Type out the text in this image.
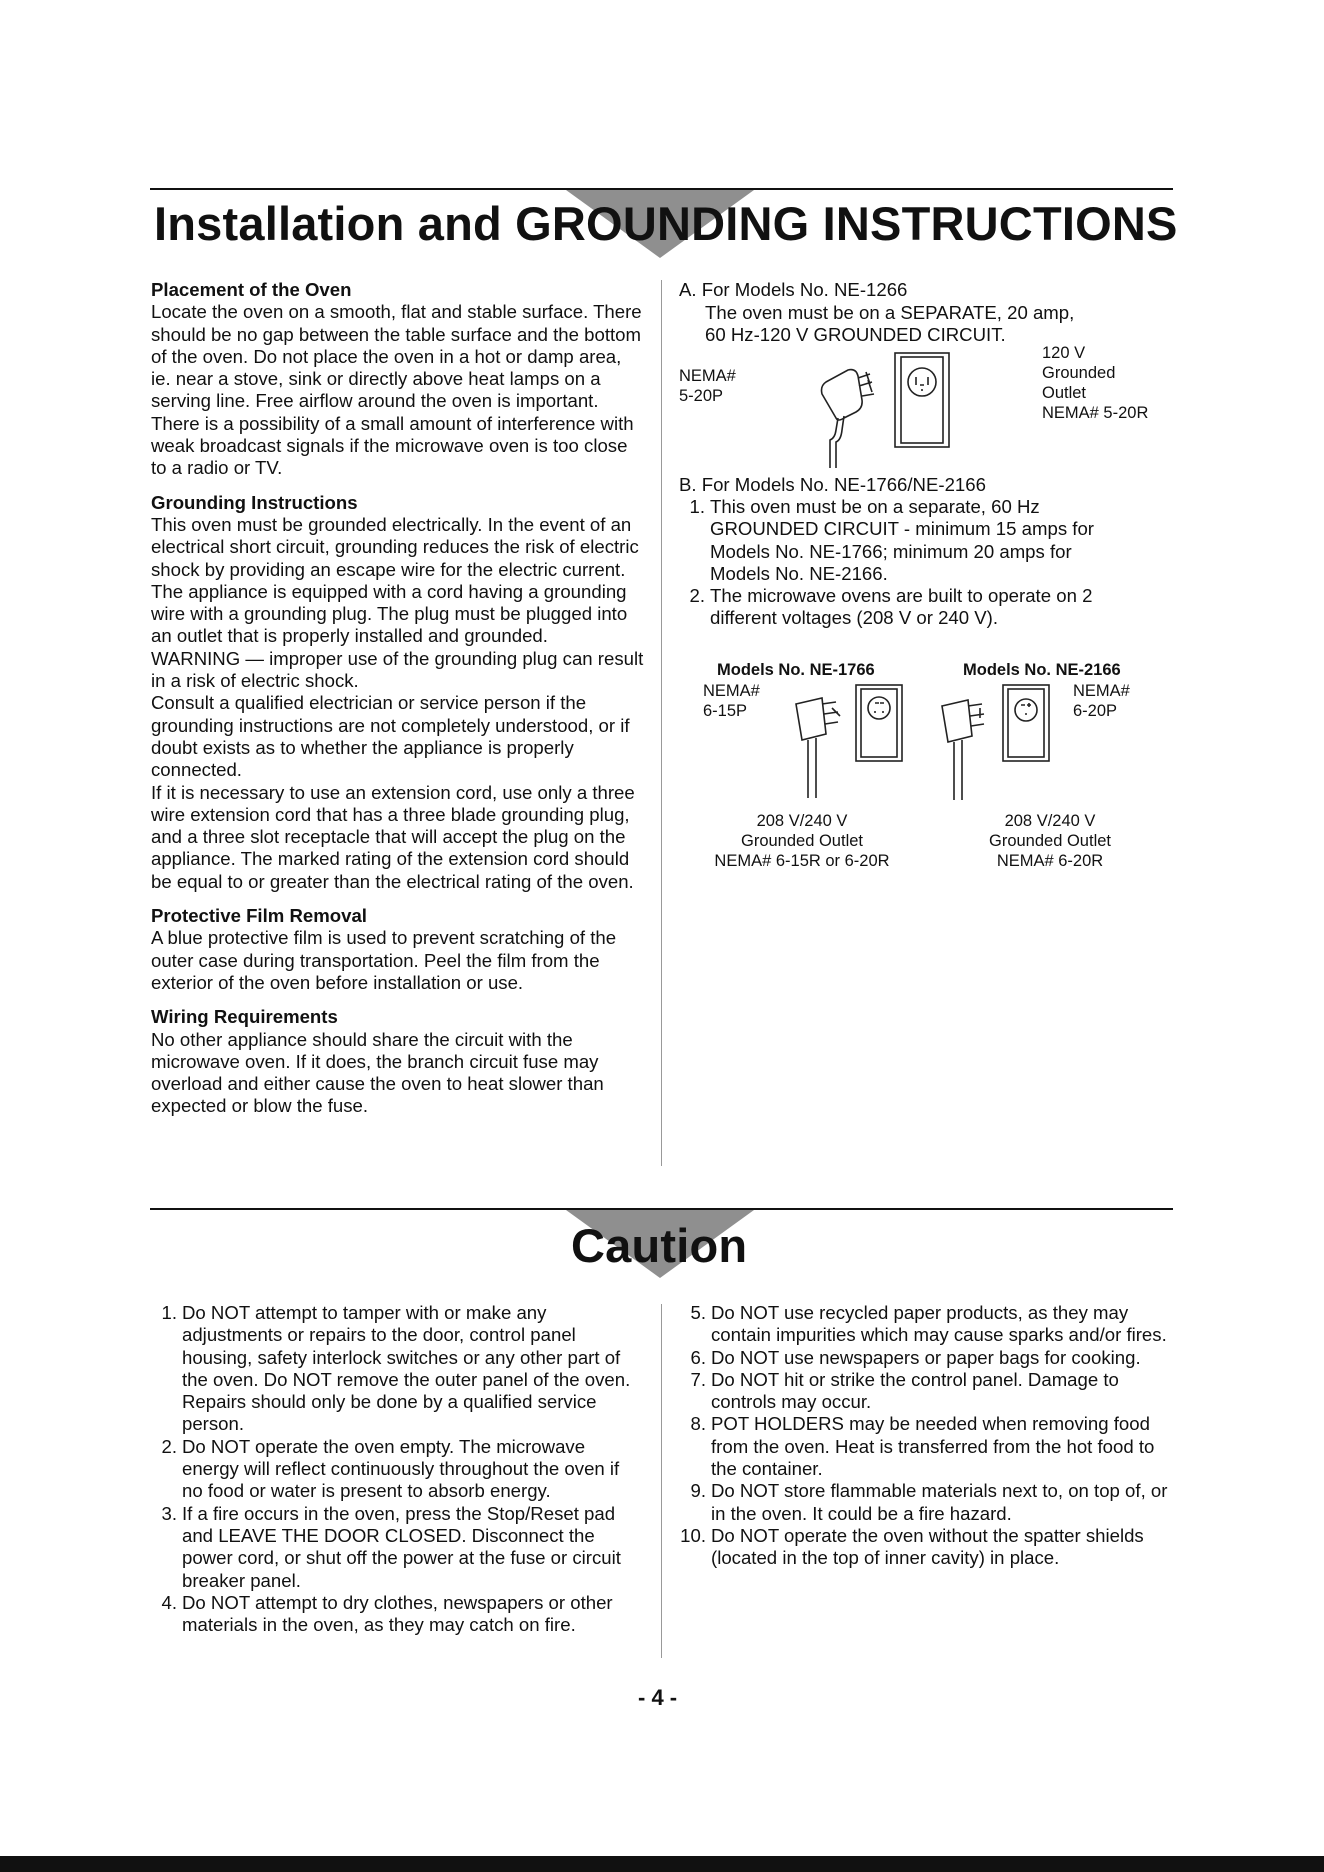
Installation and GROUNDING INSTRUCTIONS
Placement of the Oven

Locate the oven on a smooth, flat and stable surface. There should be no gap between the table surface and the bottom of the oven. Do not place the oven in a hot or damp area, ie. near a stove, sink or directly above heat lamps on a serving line. Free airflow around the oven is important. There is a possibility of a small amount of interference with weak broadcast signals if the microwave oven is too close to a radio or TV.

Grounding Instructions

This oven must be grounded electrically. In the event of an electrical short circuit, grounding reduces the risk of electric shock by providing an escape wire for the electric current. The appliance is equipped with a cord having a grounding wire with a grounding plug. The plug must be plugged into an outlet that is properly installed and grounded.

WARNING — improper use of the grounding plug can result in a risk of electric shock.

Consult a qualified electrician or service person if the grounding instructions are not completely understood, or if doubt exists as to whether the appliance is properly connected.

If it is necessary to use an extension cord, use only a three wire extension cord that has a three blade grounding plug, and a three slot receptacle that will accept the plug on the appliance. The marked rating of the extension cord should be equal to or greater than the electrical rating of the oven.

Protective Film Removal

A blue protective film is used to prevent scratching of the outer case during transportation. Peel the film from the exterior of the oven before installation or use.

Wiring Requirements

No other appliance should share the circuit with the microwave oven. If it does, the branch circuit fuse may overload and either cause the oven to heat slower than expected or blow the fuse.

A. For Models No. NE-1266
The oven must be on a SEPARATE, 20 amp,
60 Hz-120 V GROUNDED CIRCUIT.
NEMA#
5-20P
120 V
Grounded
Outlet
NEMA# 5-20R
B. For Models No. NE-1766/NE-2166
1. This oven must be on a separate, 60 Hz
GROUNDED CIRCUIT - minimum 15 amps for
Models No. NE-1766; minimum 20 amps for
Models No. NE-2166.
2. The microwave ovens are built to operate on 2
different voltages (208 V or 240 V).
Models No. NE-1766	Models No. NE-2166
NEMA#
6-15P
NEMA#
6-20P
208 V/240 V
Grounded Outlet
NEMA# 6-15R or 6-20R
208 V/240 V
Grounded Outlet
NEMA# 6-20R
Caution
1. Do NOT attempt to tamper with or make any adjustments or repairs to the door, control panel housing, safety interlock switches or any other part of the oven. Do NOT remove the outer panel of the oven. Repairs should only be done by a qualified service person.
2. Do NOT operate the oven empty. The microwave energy will reflect continuously throughout the oven if no food or water is present to absorb energy.
3. If a fire occurs in the oven, press the Stop/Reset pad and LEAVE THE DOOR CLOSED. Disconnect the power cord, or shut off the power at the fuse or circuit breaker panel.
4. Do NOT attempt to dry clothes, newspapers or other materials in the oven, as they may catch on fire.
5. Do NOT use recycled paper products, as they may contain impurities which may cause sparks and/or fires.
6. Do NOT use newspapers or paper bags for cooking.
7. Do NOT hit or strike the control panel. Damage to controls may occur.
8. POT HOLDERS may be needed when removing food from the oven. Heat is transferred from the hot food to the container.
9. Do NOT store flammable materials next to, on top of, or in the oven. It could be a fire hazard.
10. Do NOT operate the oven without the spatter shields (located in the top of inner cavity) in place.
- 4 -
